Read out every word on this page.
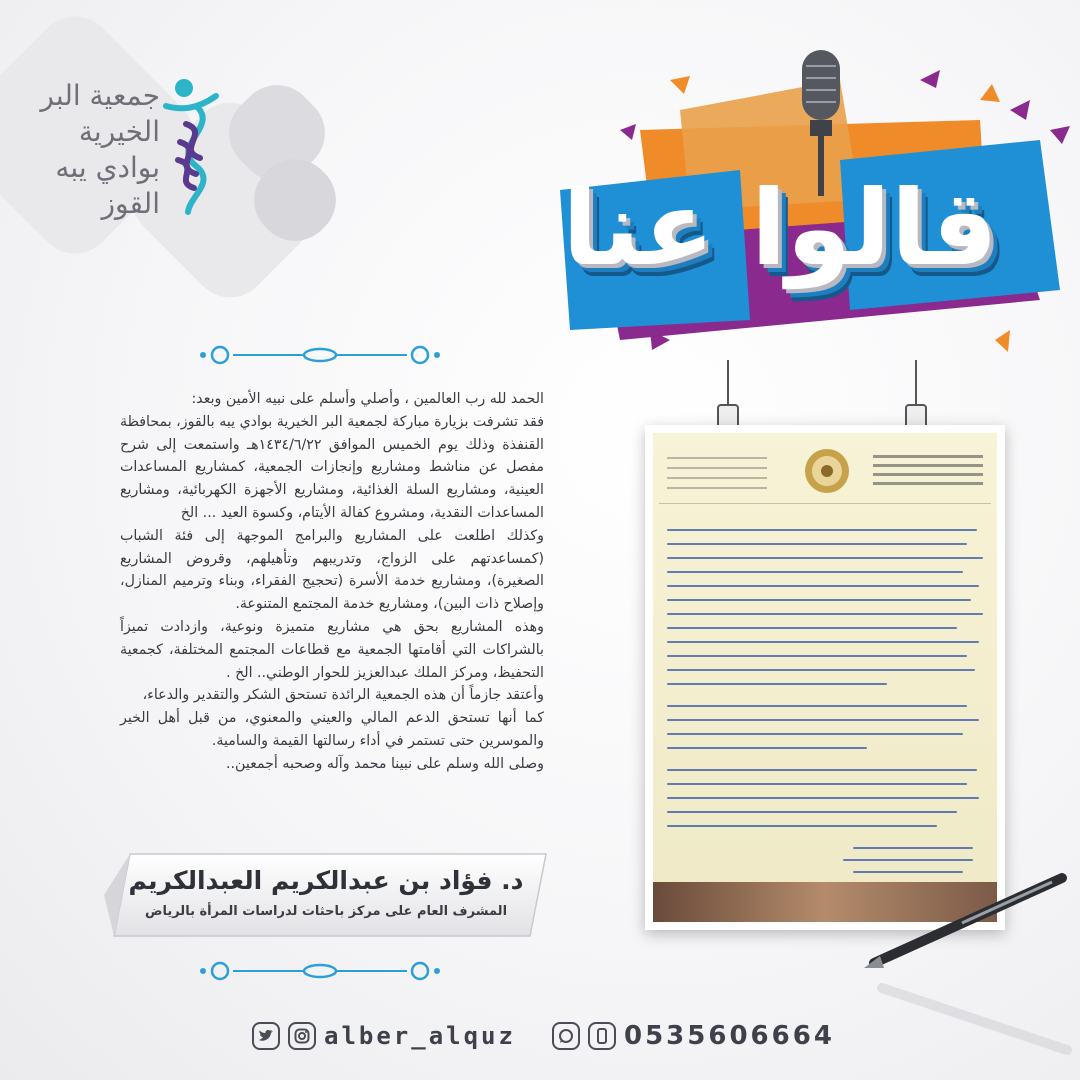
جمعية البر
الخيرية
بوادي يبه
القوز	قالوا عنا

الحمد لله رب العالمين ، وأصلي وأسلم على نبيه الأمين وبعد:

فقد تشرفت بزيارة مباركة لجمعية البر الخيرية بوادي يبه بالقوز، بمحافظة القنفذة وذلك يوم الخميس الموافق ١٤٣٤/٦/٢٢هـ واستمعت إلى شرح مفصل عن مناشط ومشاريع وإنجازات الجمعية، كمشاريع المساعدات العينية، ومشاريع السلة الغذائية، ومشاريع الأجهزة الكهربائية، ومشاريع المساعدات النقدية، ومشروع كفالة الأيتام، وكسوة العيد ... الخ

وكذلك اطلعت على المشاريع والبرامج الموجهة إلى فئة الشباب (كمساعدتهم على الزواج، وتدريبهم وتأهيلهم، وقروض المشاريع الصغيرة)، ومشاريع خدمة الأسرة (تحجيج الفقراء، وبناء وترميم المنازل، وإصلاح ذات البين)، ومشاريع خدمة المجتمع المتنوعة.

وهذه المشاريع بحق هي مشاريع متميزة ونوعية، وازدادت تميزاً بالشراكات التي أقامتها الجمعية مع قطاعات المجتمع المختلفة، كجمعية التحفيظ، ومركز الملك عبدالعزيز للحوار الوطني.. الخ .

وأعتقد جازماً أن هذه الجمعية الرائدة تستحق الشكر والتقدير والدعاء،

كما أنها تستحق الدعم المالي والعيني والمعنوي، من قبل أهل الخير والموسرين حتى تستمر في أداء رسالتها القيمة والسامية.

وصلى الله وسلم على نبينا محمد وآله وصحبه أجمعين..

د. فؤاد بن عبدالكريم العبدالكريم
المشرف العام على مركز باحثات لدراسات المرأة بالرياض
alber_alquz	0535606664
